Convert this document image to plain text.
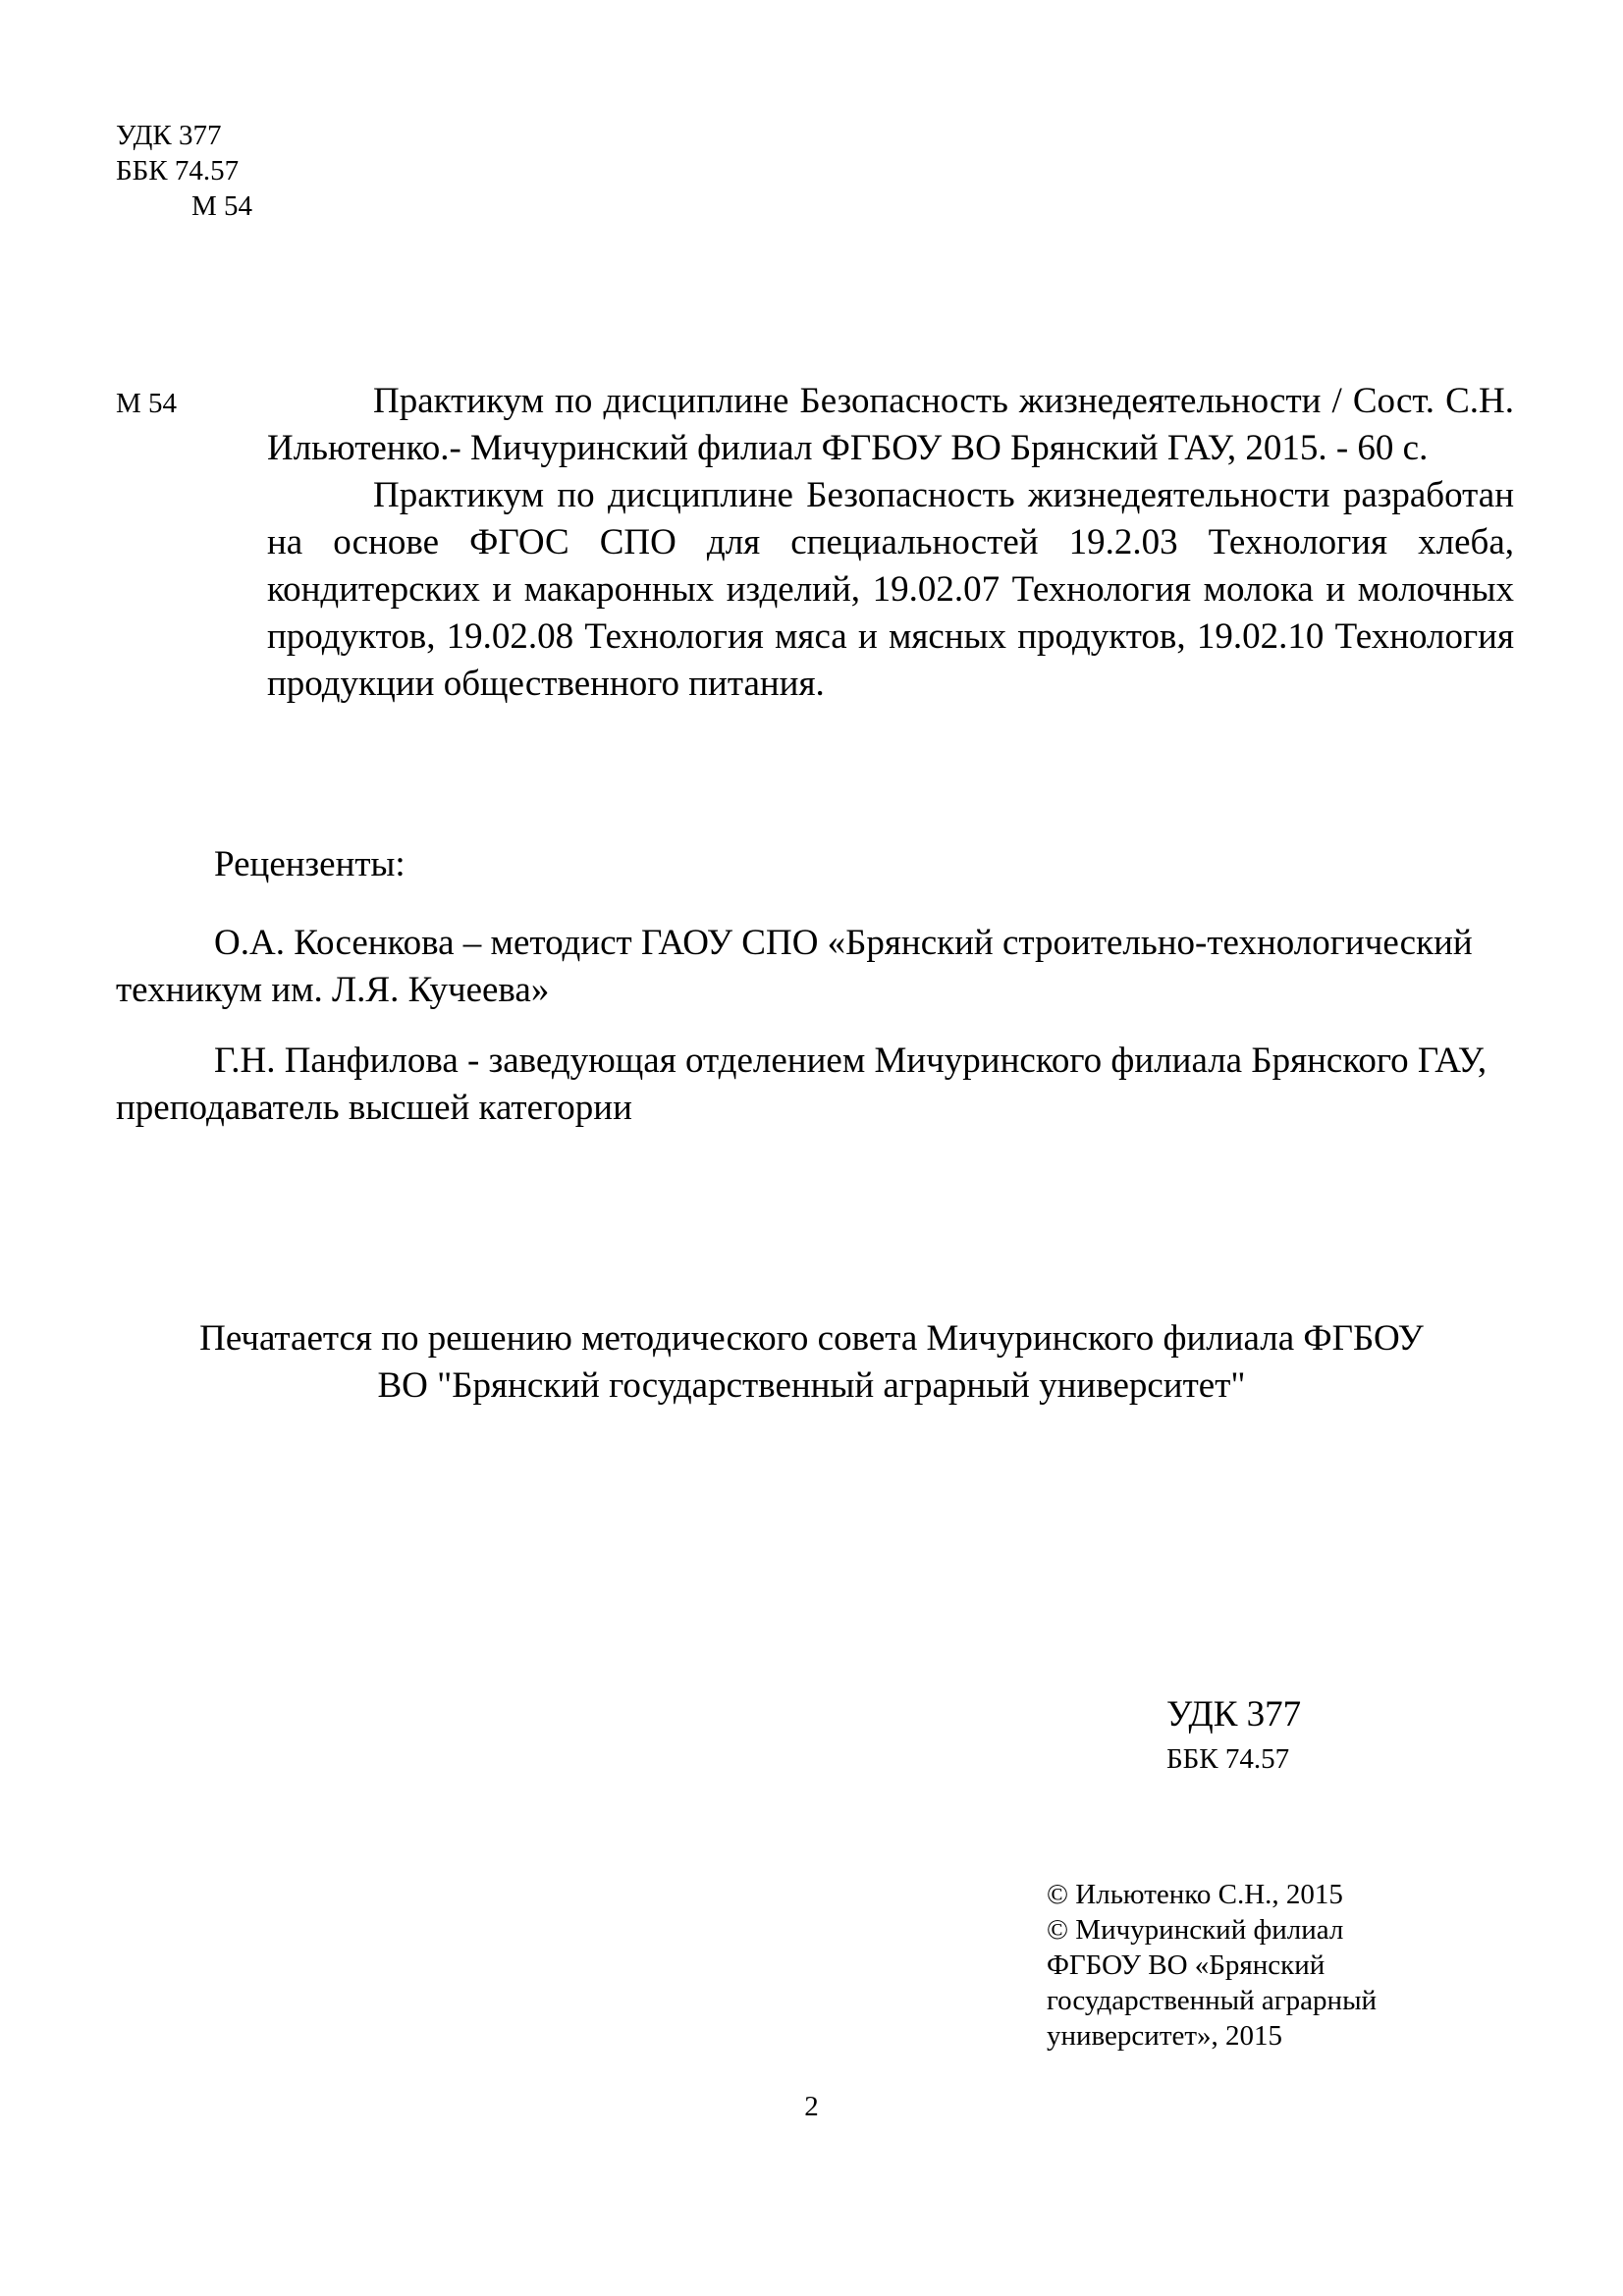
УДК 377
ББК 74.57
М 54
М 54	Практикум по дисциплине Безопасность жизнедеятельности / Сост. С.Н. Ильютенко.- Мичуринский филиал ФГБОУ ВО Брянский ГАУ, 2015. - 60 с.
Практикум по дисциплине Безопасность жизнедеятельности разработан на основе ФГОС СПО для специальностей 19.2.03 Технология хлеба, кондитерских и макаронных изделий, 19.02.07 Технология молока и молочных продуктов, 19.02.08 Технология мяса и мясных продуктов, 19.02.10 Технология продукции общественного питания.
Рецензенты:
О.А. Косенкова – методист ГАОУ СПО «Брянский строительно-технологический техникум им. Л.Я. Кучеева»
Г.Н. Панфилова - заведующая отделением Мичуринского филиала Брянского ГАУ, преподаватель высшей категории
Печатается по решению методического совета Мичуринского филиала ФГБОУ
ВО "Брянский государственный аграрный университет"
УДК 377
ББК 74.57
© Ильютенко С.Н., 2015
© Мичуринский филиал
ФГБОУ ВО «Брянский
государственный аграрный
университет», 2015
2
